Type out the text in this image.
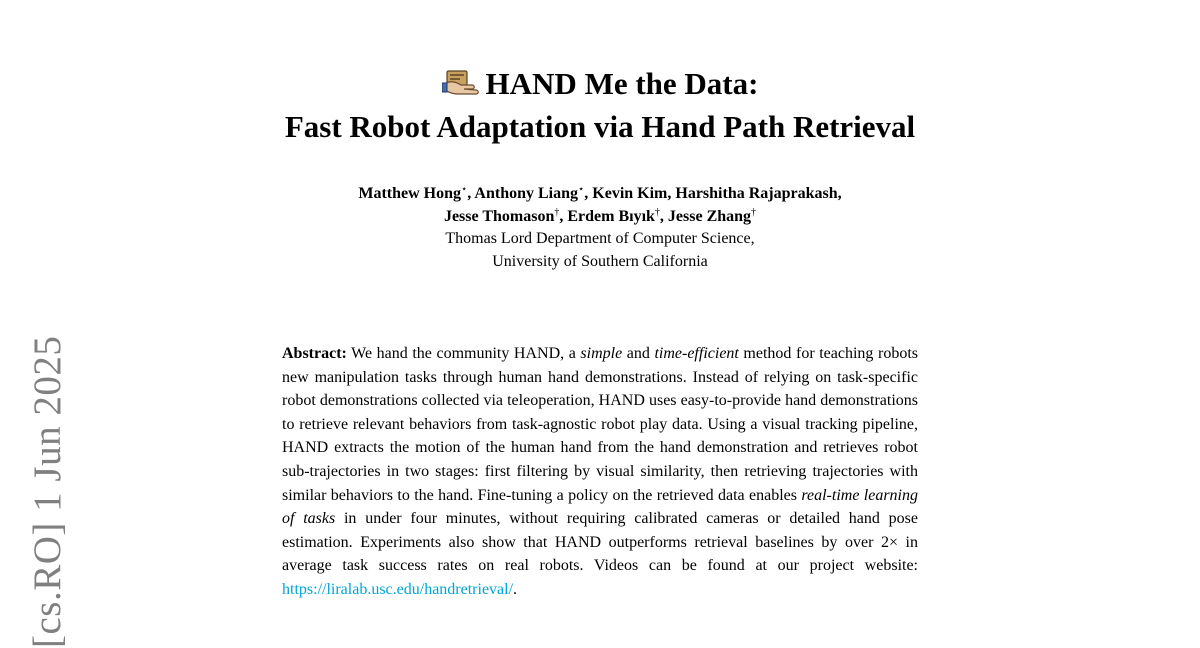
HAND Me the Data:
Fast Robot Adaptation via Hand Path Retrieval
Matthew Hong⋆, Anthony Liang⋆, Kevin Kim, Harshitha Rajaprakash,
Jesse Thomason†, Erdem Bıyık†, Jesse Zhang†
Thomas Lord Department of Computer Science,
University of Southern California
Abstract: We hand the community HAND, a simple and time-efficient method for teaching robots new manipulation tasks through human hand demonstrations. Instead of relying on task-specific robot demonstrations collected via teleoperation, HAND uses easy-to-provide hand demonstrations to retrieve relevant behaviors from task-agnostic robot play data. Using a visual tracking pipeline, HAND extracts the motion of the human hand from the hand demonstration and retrieves robot sub-trajectories in two stages: first filtering by visual similarity, then retrieving trajectories with similar behaviors to the hand. Fine-tuning a policy on the retrieved data enables real-time learning of tasks in under four minutes, without requiring calibrated cameras or detailed hand pose estimation. Experiments also show that HAND outperforms retrieval baselines by over 2× in average task success rates on real robots. Videos can be found at our project website: https://liralab.usc.edu/handretrieval/.
[cs.RO] 1 Jun 2025
